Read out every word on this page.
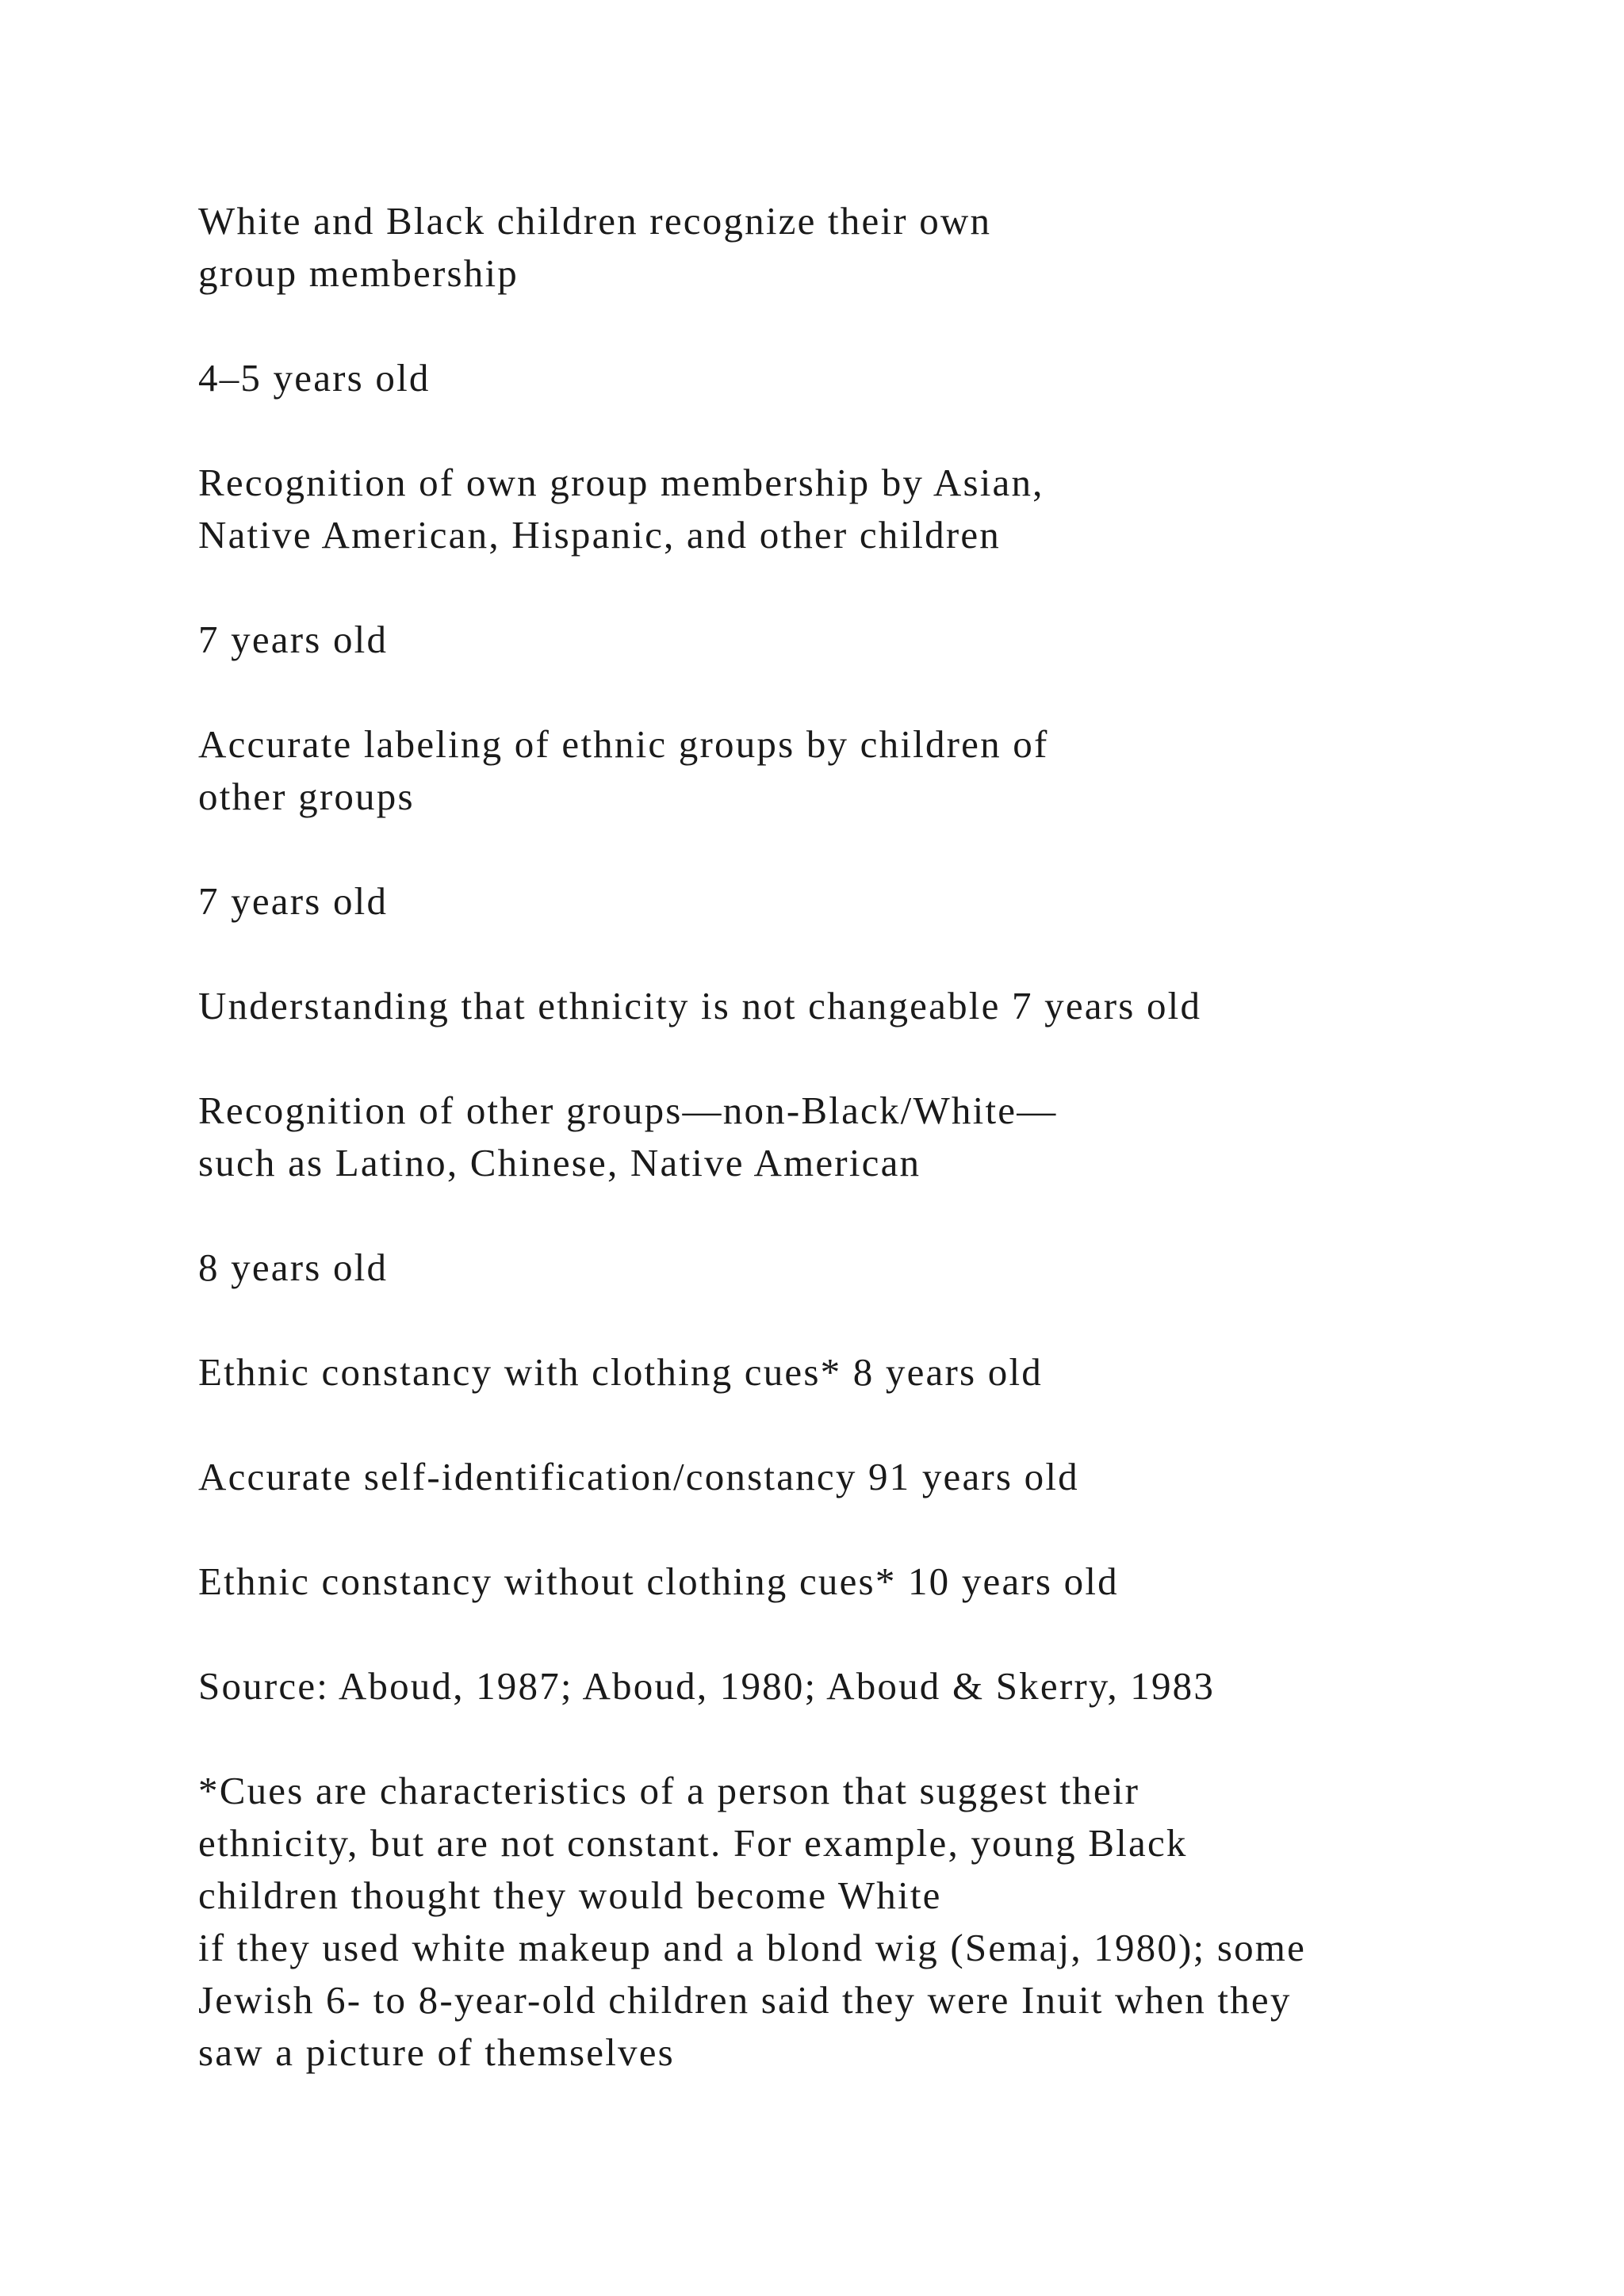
White and Black children recognize their own
group membership

4–5 years old

Recognition of own group membership by Asian,
Native American, Hispanic, and other children

7 years old

Accurate labeling of ethnic groups by children of
other groups

7 years old

Understanding that ethnicity is not changeable 7 years old

Recognition of other groups—non-Black/White—
such as Latino, Chinese, Native American

8 years old

Ethnic constancy with clothing cues* 8 years old

Accurate self-identification/constancy 91 years old

Ethnic constancy without clothing cues* 10 years old

Source: Aboud, 1987; Aboud, 1980; Aboud & Skerry, 1983

*Cues are characteristics of a person that suggest their
ethnicity, but are not constant. For example, young Black
children thought they would become White
if they used white makeup and a blond wig (Semaj, 1980); some
Jewish 6- to 8-year-old children said they were Inuit when they
saw a picture of themselves
